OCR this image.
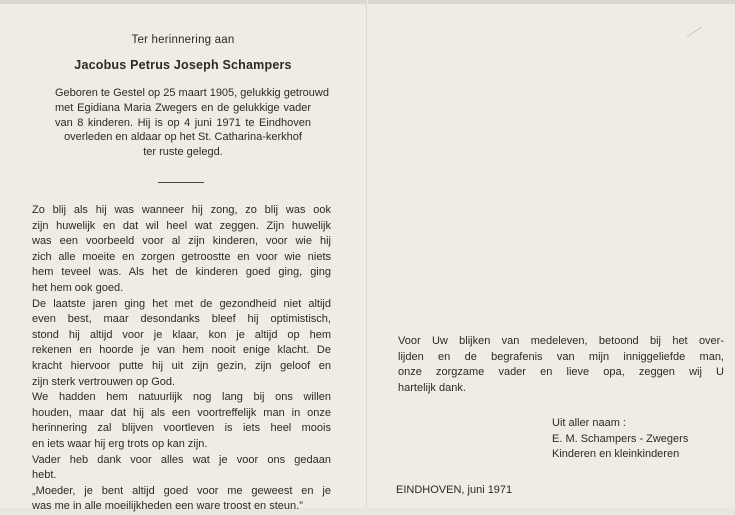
Ter herinnering aan
Jacobus Petrus Joseph Schampers
Geboren te Gestel op 25 maart 1905, gelukkig getrouwd
met Egidiana Maria Zwegers en de gelukkige vader
van 8 kinderen. Hij is op 4 juni 1971 te Eindhoven
overleden en aldaar op het St. Catharina-kerkhof
ter ruste gelegd.
Zo blij als hij was wanneer hij zong, zo blij was ook
zijn huwelijk en dat wil heel wat zeggen. Zijn huwelijk
was een voorbeeld voor al zijn kinderen, voor wie hij
zich alle moeite en zorgen getroostte en voor wie niets
hem teveel was. Als het de kinderen goed ging, ging
het hem ook goed.
De laatste jaren ging het met de gezondheid niet altijd
even best, maar desondanks bleef hij optimistisch,
stond hij altijd voor je klaar, kon je altijd op hem
rekenen en hoorde je van hem nooit enige klacht. De
kracht hiervoor putte hij uit zijn gezin, zijn geloof en
zijn sterk vertrouwen op God.
We hadden hem natuurlijk nog lang bij ons willen
houden, maar dat hij als een voortreffelijk man in onze
herinnering zal blijven voortleven is iets heel moois
en iets waar hij erg trots op kan zijn.
Vader heb dank voor alles wat je voor ons gedaan
hebt.
„Moeder, je bent altijd goed voor me geweest en je
was me in alle moeilijkheden een ware troost en steun.”
Voor Uw blijken van medeleven, betoond bij het over-
lijden en de begrafenis van mijn inniggeliefde man,
onze zorgzame vader en lieve opa, zeggen wij U
hartelijk dank.
Uit aller naam :
E. M. Schampers - Zwegers
Kinderen en kleinkinderen
EINDHOVEN, juni 1971
